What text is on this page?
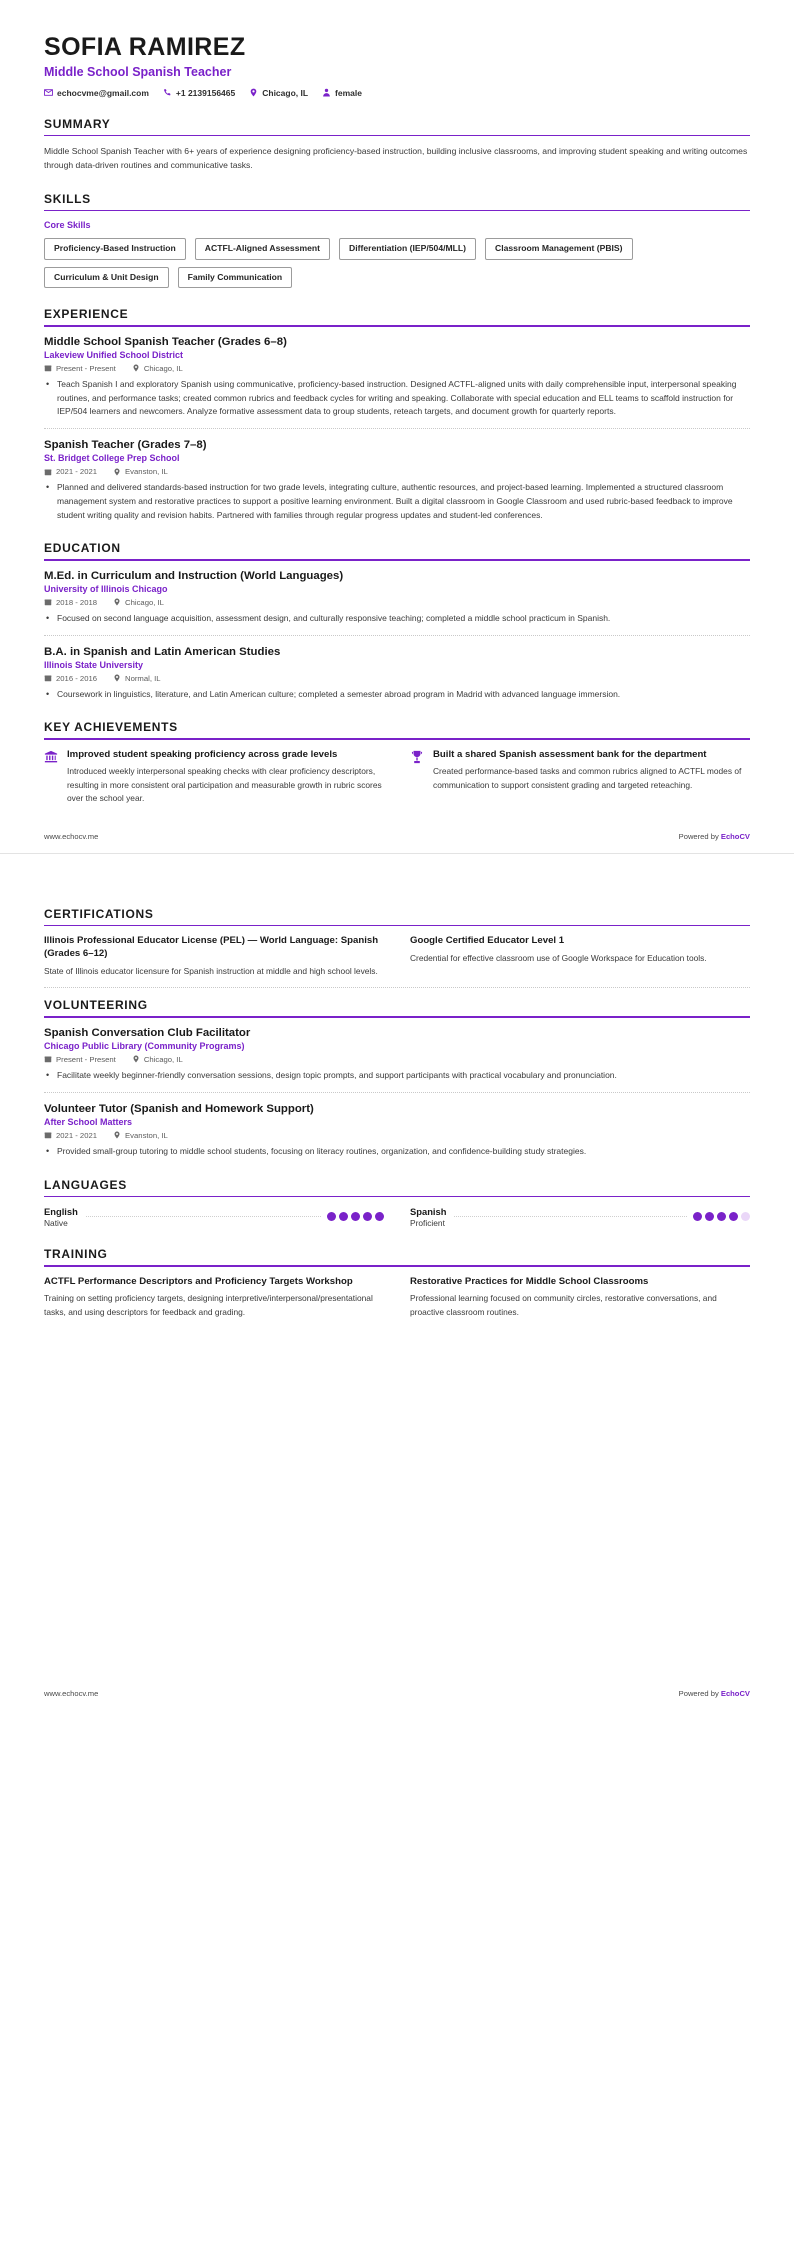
SOFIA RAMIREZ
Middle School Spanish Teacher
echocvme@gmail.com	+1 2139156465	Chicago, IL	female
SUMMARY

Middle School Spanish Teacher with 6+ years of experience designing proficiency-based instruction, building inclusive classrooms, and improving student speaking and writing outcomes through data-driven routines and communicative tasks.

SKILLS
Core Skills
Proficiency-Based Instruction	ACTFL-Aligned Assessment	Differentiation (IEP/504/MLL)	Classroom Management (PBIS)
Curriculum & Unit Design	Family Communication
EXPERIENCE
Middle School Spanish Teacher (Grades 6–8)
Lakeview Unified School District
Present - Present	Chicago, IL
• Teach Spanish I and exploratory Spanish using communicative, proficiency-based instruction. Designed ACTFL-aligned units with daily comprehensible input, interpersonal speaking routines, and performance tasks; created common rubrics and feedback cycles for writing and speaking. Collaborate with special education and ELL teams to scaffold instruction for IEP/504 learners and newcomers. Analyze formative assessment data to group students, reteach targets, and document growth for quarterly reports.
Spanish Teacher (Grades 7–8)
St. Bridget College Prep School
2021 - 2021	Evanston, IL
• Planned and delivered standards-based instruction for two grade levels, integrating culture, authentic resources, and project-based learning. Implemented a structured classroom management system and restorative practices to support a positive learning environment. Built a digital classroom in Google Classroom and used rubric-based feedback to improve student writing quality and revision habits. Partnered with families through regular progress updates and student-led conferences.
EDUCATION
M.Ed. in Curriculum and Instruction (World Languages)
University of Illinois Chicago
2018 - 2018	Chicago, IL
• Focused on second language acquisition, assessment design, and culturally responsive teaching; completed a middle school practicum in Spanish.
B.A. in Spanish and Latin American Studies
Illinois State University
2016 - 2016	Normal, IL
• Coursework in linguistics, literature, and Latin American culture; completed a semester abroad program in Madrid with advanced language immersion.
KEY ACHIEVEMENTS
Improved student speaking proficiency across grade levels

Introduced weekly interpersonal speaking checks with clear proficiency descriptors, resulting in more consistent oral participation and measurable growth in rubric scores over the school year.

Built a shared Spanish assessment bank for the department

Created performance-based tasks and common rubrics aligned to ACTFL modes of communication to support consistent grading and targeted reteaching.

www.echocv.me	Powered by EchoCV
CERTIFICATIONS
Illinois Professional Educator License (PEL) — World Language: Spanish (Grades 6–12)

State of Illinois educator licensure for Spanish instruction at middle and high school levels.

Google Certified Educator Level 1

Credential for effective classroom use of Google Workspace for Education tools.

VOLUNTEERING
Spanish Conversation Club Facilitator
Chicago Public Library (Community Programs)
Present - Present	Chicago, IL
• Facilitate weekly beginner-friendly conversation sessions, design topic prompts, and support participants with practical vocabulary and pronunciation.
Volunteer Tutor (Spanish and Homework Support)
After School Matters
2021 - 2021	Evanston, IL
• Provided small-group tutoring to middle school students, focusing on literacy routines, organization, and confidence-building study strategies.
LANGUAGES
English
Native
Spanish
Proficient
TRAINING
ACTFL Performance Descriptors and Proficiency Targets Workshop

Training on setting proficiency targets, designing interpretive/interpersonal/presentational tasks, and using descriptors for feedback and grading.

Restorative Practices for Middle School Classrooms

Professional learning focused on community circles, restorative conversations, and proactive classroom routines.

www.echocv.me	Powered by EchoCV
